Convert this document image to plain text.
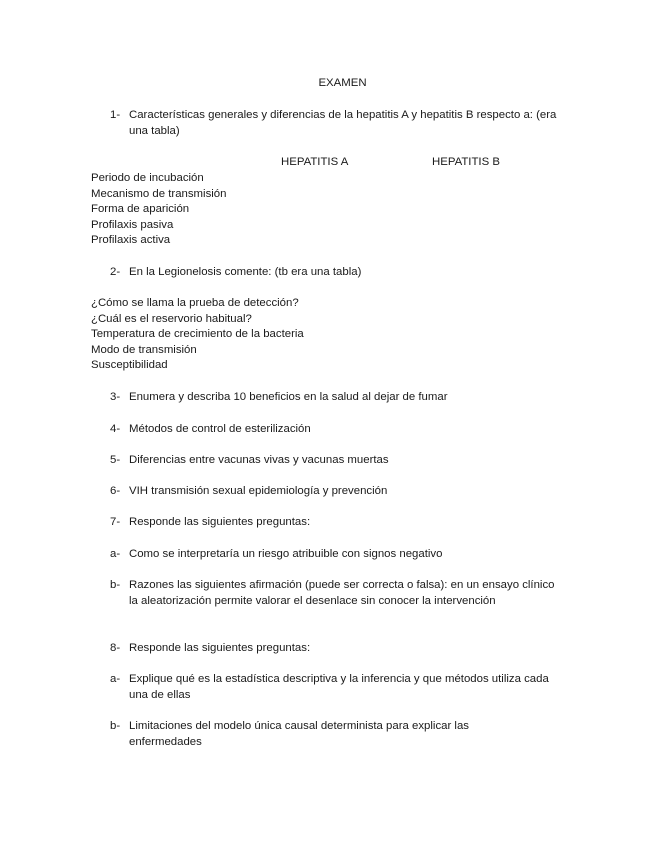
EXAMEN
1- Características generales y diferencias de la hepatitis A y hepatitis B respecto a: (era una tabla)
HEPATITIS A	HEPATITIS B
Periodo de incubación
Mecanismo de transmisión
Forma de aparición
Profilaxis pasiva
Profilaxis activa
2- En la Legionelosis comente: (tb era una tabla)
¿Cómo se llama la prueba de detección?
¿Cuál es el reservorio habitual?
Temperatura de crecimiento de la bacteria
Modo de transmisión
Susceptibilidad
3- Enumera y describa 10 beneficios en la salud al dejar de fumar
4- Métodos de control de esterilización
5- Diferencias entre vacunas vivas y vacunas muertas
6- VIH transmisión sexual epidemiología y prevención
7- Responde las siguientes preguntas:
a- Como se interpretaría un riesgo atribuible con signos negativo
b- Razones las siguientes afirmación (puede ser correcta o falsa): en un ensayo clínico la aleatorización permite valorar el desenlace sin conocer la intervención
8- Responde las siguientes preguntas:
a- Explique qué es la estadística descriptiva y la inferencia y que métodos utiliza cada una de ellas
b- Limitaciones del modelo única causal determinista para explicar las enfermedades
